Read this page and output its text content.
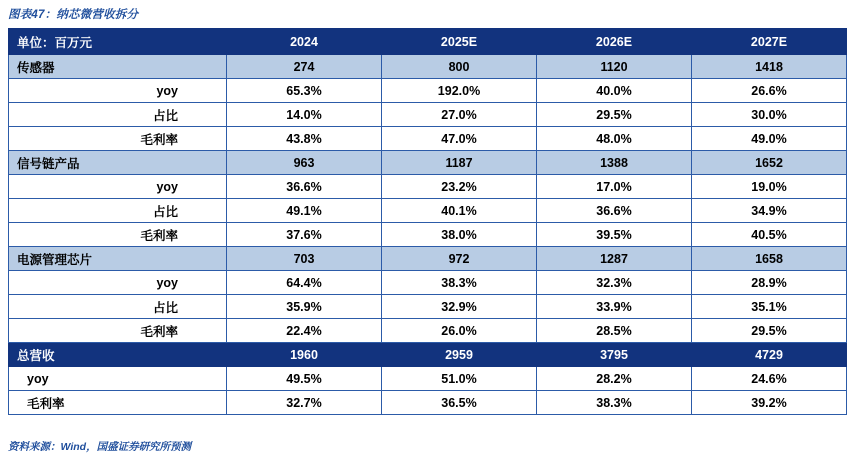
图表47：纳芯微营收拆分
单位：百万元	2024	2025E	2026E	2027E
传感器	274	800	1120	1418
yoy	65.3%	192.0%	40.0%	26.6%
占比	14.0%	27.0%	29.5%	30.0%
毛利率	43.8%	47.0%	48.0%	49.0%
信号链产品	963	1187	1388	1652
yoy	36.6%	23.2%	17.0%	19.0%
占比	49.1%	40.1%	36.6%	34.9%
毛利率	37.6%	38.0%	39.5%	40.5%
电源管理芯片	703	972	1287	1658
yoy	64.4%	38.3%	32.3%	28.9%
占比	35.9%	32.9%	33.9%	35.1%
毛利率	22.4%	26.0%	28.5%	29.5%
总营收	1960	2959	3795	4729
yoy	49.5%	51.0%	28.2%	24.6%
毛利率	32.7%	36.5%	38.3%	39.2%
资料来源：Wind，国盛证券研究所预测
